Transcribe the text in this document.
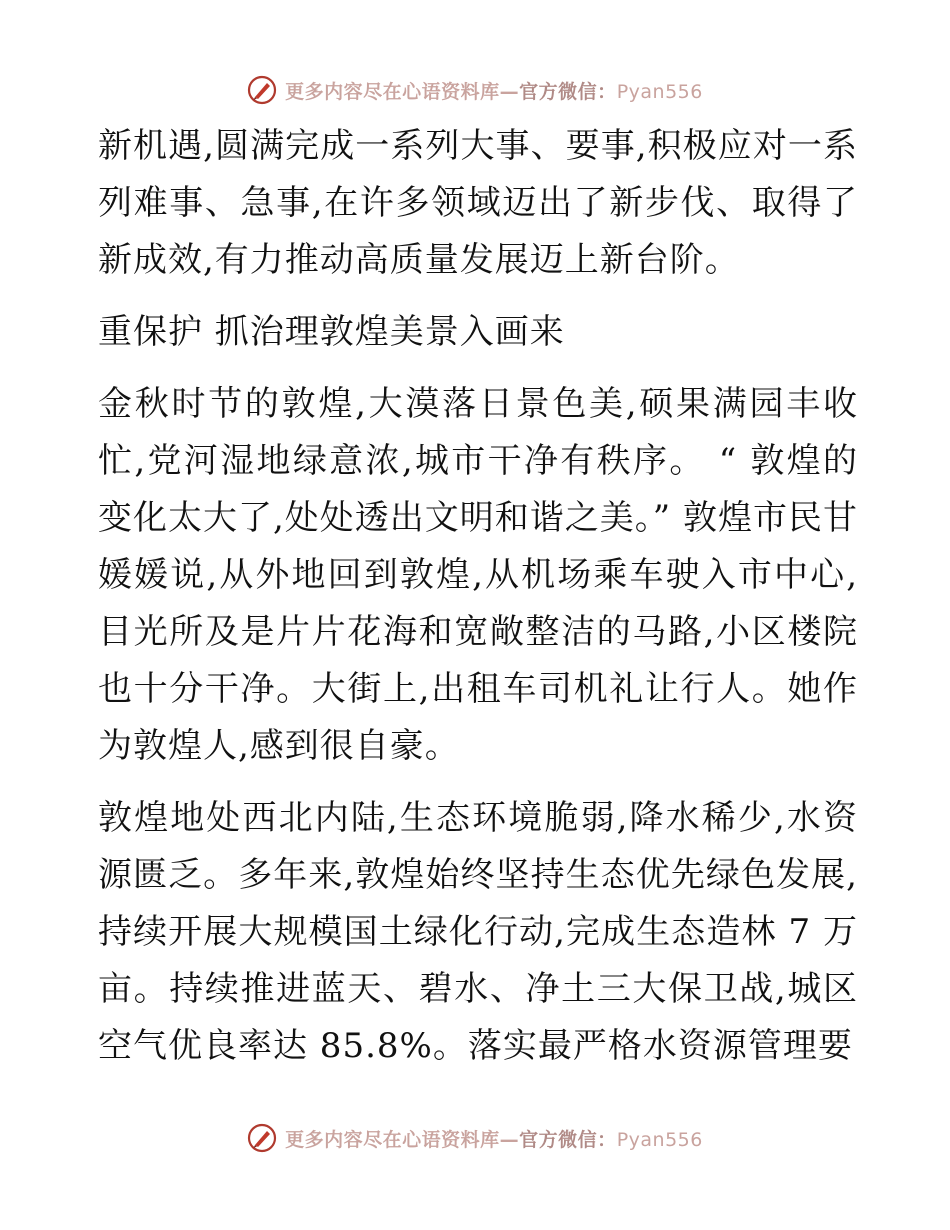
更多内容尽在心语资料库—官方微信：Pyan556

新机遇,圆满完成一系列大事、要事,积极应对一系列难事、急事,在许多领域迈出了新步伐、取得了新成效,有力推动高质量发展迈上新台阶。

重保护 抓治理敦煌美景入画来

金秋时节的敦煌,大漠落日景色美,硕果满园丰收忙,党河湿地绿意浓,城市干净有秩序。 “ 敦煌的变化太大了,处处透出文明和谐之美。” 敦煌市民甘媛媛说,从外地回到敦煌,从机场乘车驶入市中心,目光所及是片片花海和宽敞整洁的马路,小区楼院也十分干净。大街上,出租车司机礼让行人。她作为敦煌人,感到很自豪。

敦煌地处西北内陆,生态环境脆弱,降水稀少,水资源匮乏。多年来,敦煌始终坚持生态优先绿色发展,持续开展大规模国土绿化行动,完成生态造林 7 万亩。持续推进蓝天、碧水、净土三大保卫战,城区空气优良率达 85.8%。落实最严格水资源管理要

更多内容尽在心语资料库—官方微信：Pyan556
